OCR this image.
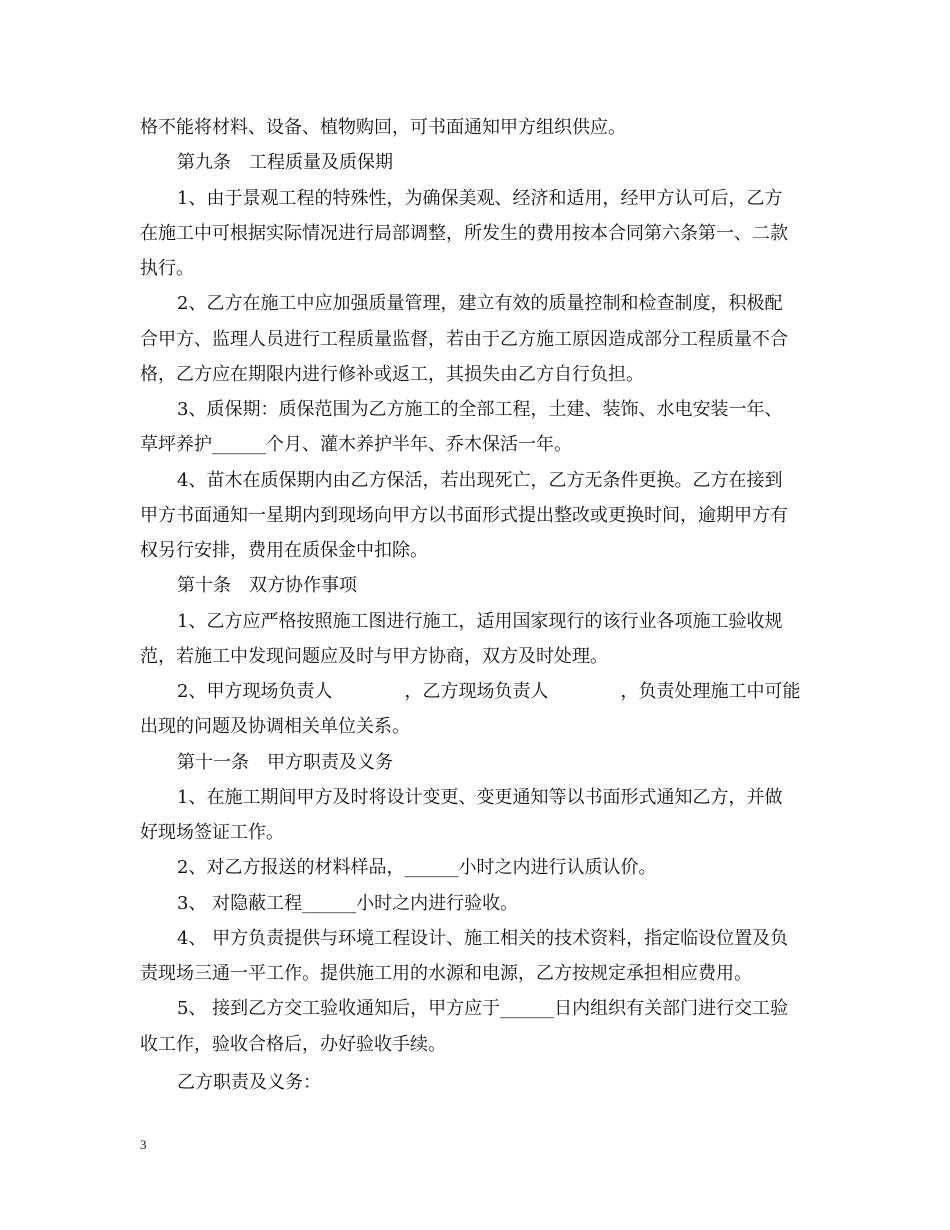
格不能将材料、设备、植物购回，可书面通知甲方组织供应。
第九条　工程质量及质保期
1、由于景观工程的特殊性，为确保美观、经济和适用，经甲方认可后，乙方
在施工中可根据实际情况进行局部调整，所发生的费用按本合同第六条第一、二款
执行。
2、乙方在施工中应加强质量管理，建立有效的质量控制和检查制度，积极配
合甲方、监理人员进行工程质量监督，若由于乙方施工原因造成部分工程质量不合
格，乙方应在期限内进行修补或返工，其损失由乙方自行负担。
3、质保期：质保范围为乙方施工的全部工程，土建、装饰、水电安装一年、
草坪养护______个月、灌木养护半年、乔木保活一年。
4、苗木在质保期内由乙方保活，若出现死亡，乙方无条件更换。乙方在接到
甲方书面通知一星期内到现场向甲方以书面形式提出整改或更换时间，逾期甲方有
权另行安排，费用在质保金中扣除。
第十条　双方协作事项
1、乙方应严格按照施工图进行施工，适用国家现行的该行业各项施工验收规
范，若施工中发现问题应及时与甲方协商，双方及时处理。
2、甲方现场负责人　　　　，乙方现场负责人　　　　，负责处理施工中可能
出现的问题及协调相关单位关系。
第十一条　甲方职责及义务
1、在施工期间甲方及时将设计变更、变更通知等以书面形式通知乙方，并做
好现场签证工作。
2、对乙方报送的材料样品，______小时之内进行认质认价。
3、 对隐蔽工程______小时之内进行验收。
4、 甲方负责提供与环境工程设计、施工相关的技术资料，指定临设位置及负
责现场三通一平工作。提供施工用的水源和电源，乙方按规定承担相应费用。
5、 接到乙方交工验收通知后，甲方应于______日内组织有关部门进行交工验
收工作，验收合格后，办好验收手续。
乙方职责及义务：
3
